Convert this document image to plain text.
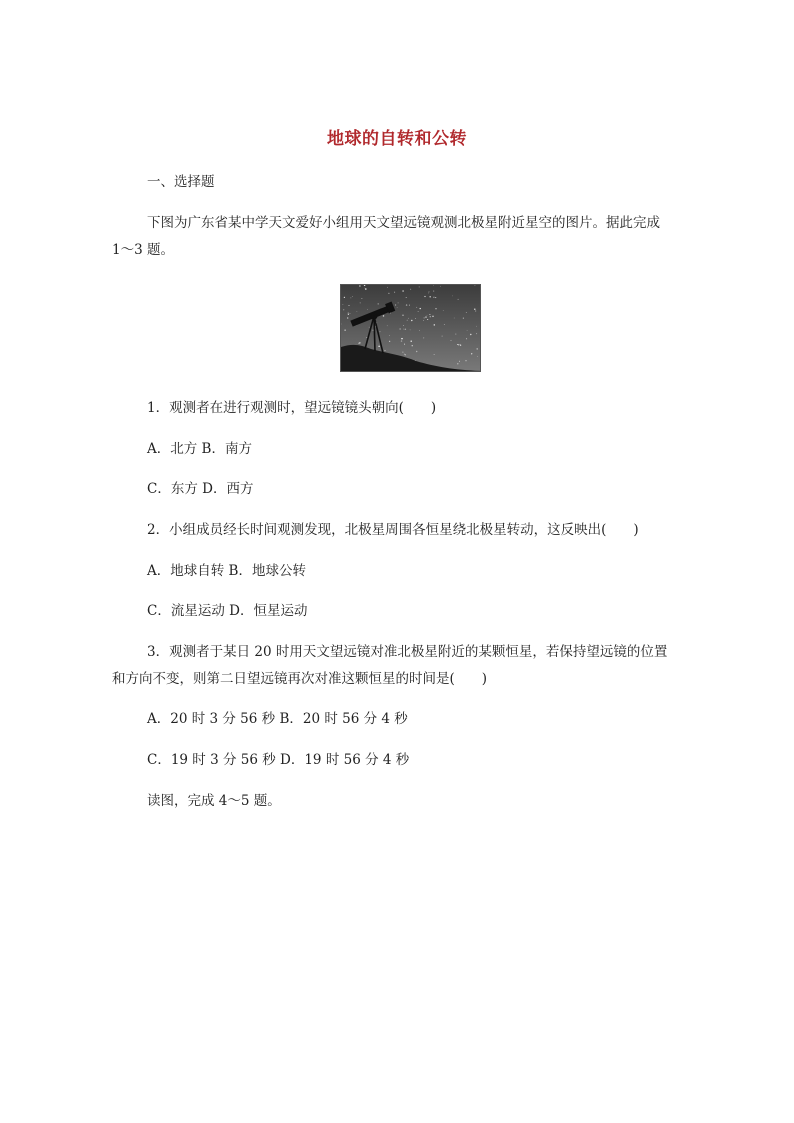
地球的自转和公转
一、选择题
下图为广东省某中学天文爱好小组用天文望远镜观测北极星附近星空的图片。据此完成
1～3 题。
1．观测者在进行观测时，望远镜镜头朝向(　　)
A．北方 B．南方
C．东方 D．西方
2．小组成员经长时间观测发现，北极星周围各恒星绕北极星转动，这反映出(　　)
A．地球自转 B．地球公转
C．流星运动 D．恒星运动
3．观测者于某日 20 时用天文望远镜对准北极星附近的某颗恒星，若保持望远镜的位置
和方向不变，则第二日望远镜再次对准这颗恒星的时间是(　　)
A．20 时 3 分 56 秒 B．20 时 56 分 4 秒
C．19 时 3 分 56 秒 D．19 时 56 分 4 秒
读图，完成 4～5 题。
